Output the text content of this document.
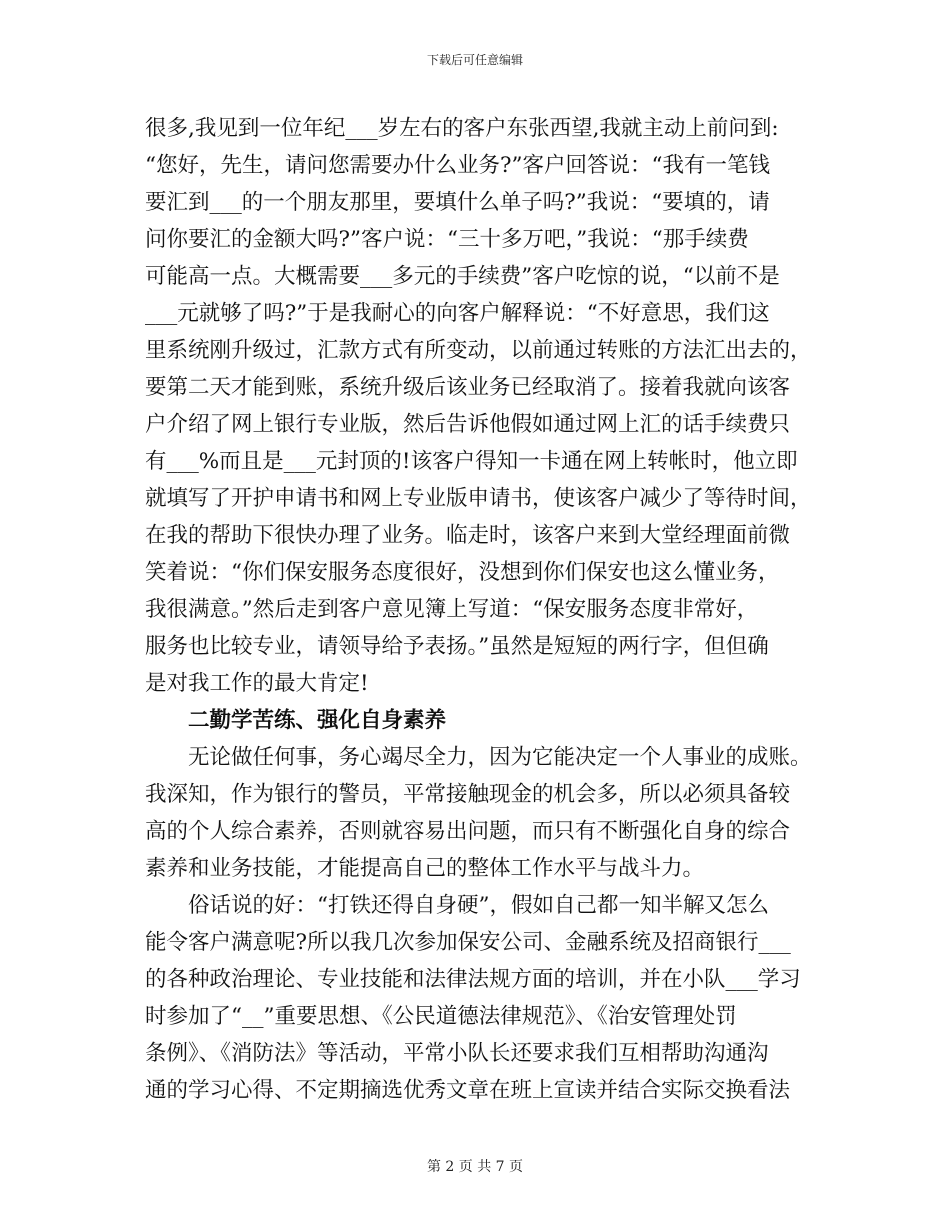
下载后可任意编辑
很多,我见到一位年纪___岁左右的客户东张西望,我就主动上前问到:
“您好，先生，请问您需要办什么业务?”客户回答说：“我有一笔钱
要汇到___的一个朋友那里，要填什么单子吗?”我说：“要填的，请
问你要汇的金额大吗?”客户说：“三十多万吧，”我说：“那手续费
可能高一点。大概需要___多元的手续费”客户吃惊的说，“以前不是
___元就够了吗?”于是我耐心的向客户解释说：“不好意思，我们这
里系统刚升级过，汇款方式有所变动，以前通过转账的方法汇出去的，
要第二天才能到账，系统升级后该业务已经取消了。接着我就向该客
户介绍了网上银行专业版，然后告诉他假如通过网上汇的话手续费只
有___%而且是___元封顶的!该客户得知一卡通在网上转帐时，他立即
就填写了开护申请书和网上专业版申请书，使该客户减少了等待时间，
在我的帮助下很快办理了业务。临走时，该客户来到大堂经理面前微
笑着说：“你们保安服务态度很好，没想到你们保安也这么懂业务，
我很满意。”然后走到客户意见簿上写道：“保安服务态度非常好，
服务也比较专业，请领导给予表扬。”虽然是短短的两行字，但但确
是对我工作的最大肯定!
二勤学苦练、强化自身素养
无论做任何事，务心竭尽全力，因为它能决定一个人事业的成账。
我深知，作为银行的警员，平常接触现金的机会多，所以必须具备较
高的个人综合素养，否则就容易出问题，而只有不断强化自身的综合
素养和业务技能，才能提高自己的整体工作水平与战斗力。
俗话说的好：“打铁还得自身硬”，假如自己都一知半解又怎么
能令客户满意呢?所以我几次参加保安公司、金融系统及招商银行___
的各种政治理论、专业技能和法律法规方面的培训，并在小队___学习
时参加了“__”重要思想、《公民道德法律规范》、《治安管理处罚
条例》、《消防法》等活动，平常小队长还要求我们互相帮助沟通沟
通的学习心得、不定期摘选优秀文章在班上宣读并结合实际交换看法
第 2 页 共 7 页
